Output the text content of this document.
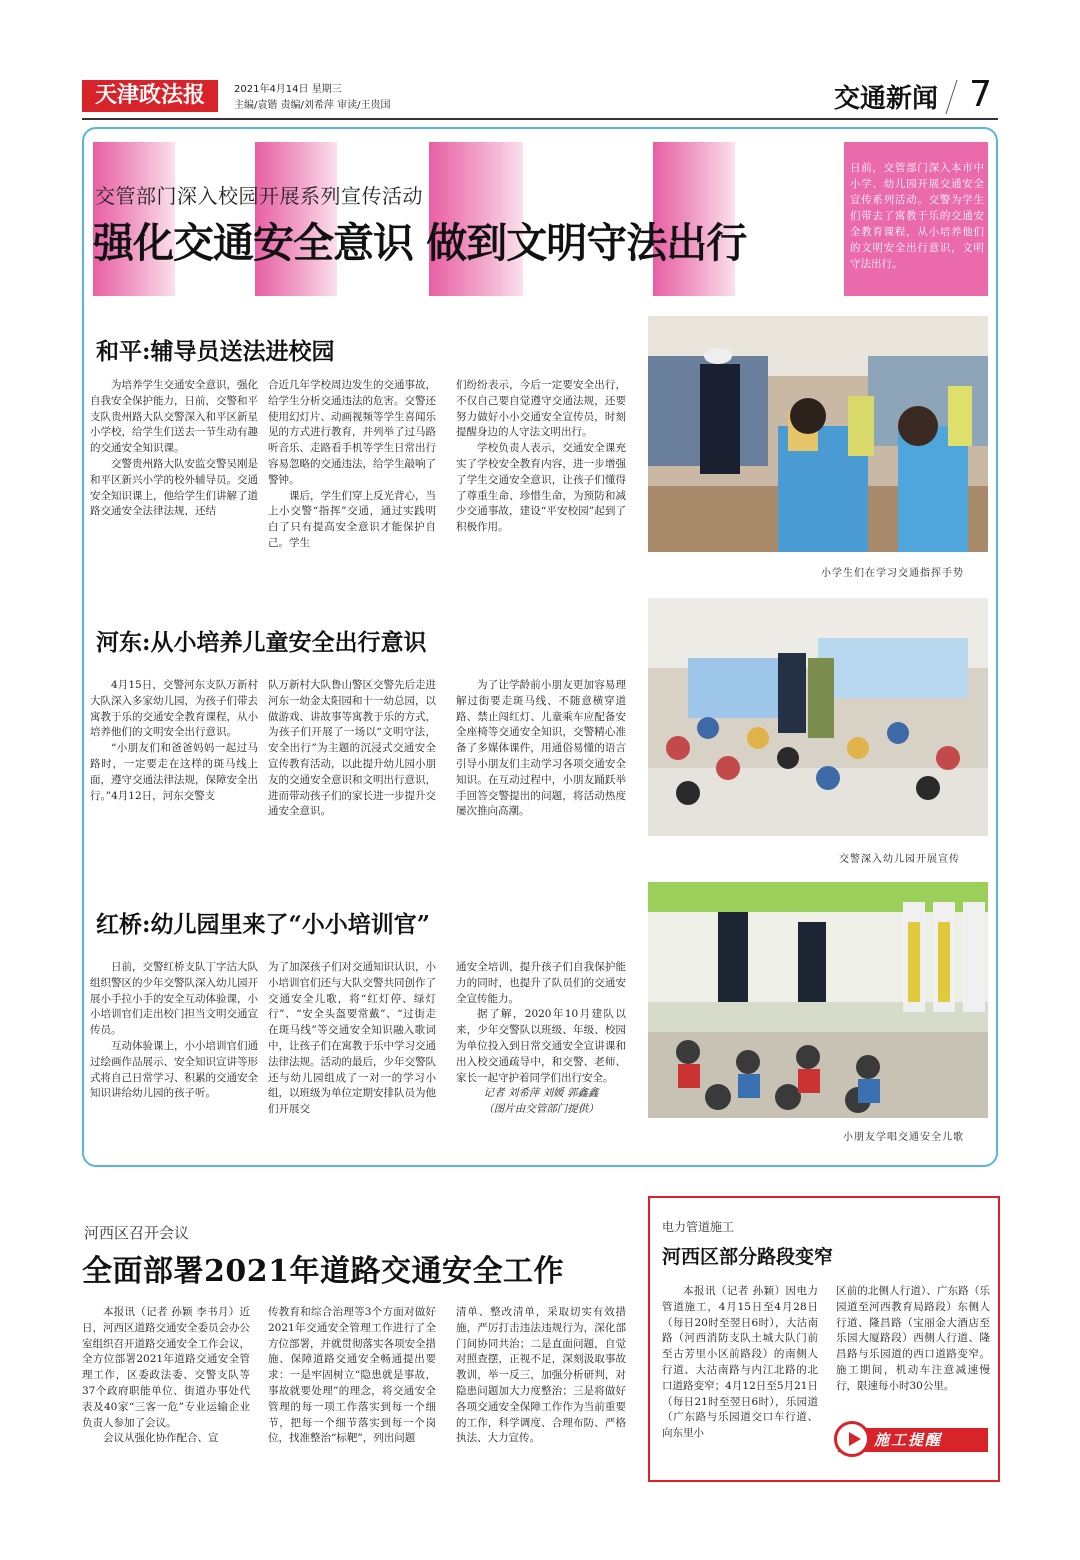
天津政法报	2021年4月14日 星期三
主编/袁锴 责编/刘希萍 审读/王贵国	交通新闻 7
交管部门深入校园开展系列宣传活动
强化交通安全意识 做到文明守法出行
日前，交管部门深入本市中小学、幼儿园开展交通安全宣传系列活动。交警为学生们带去了寓教于乐的交通安全教育课程，从小培养他们的文明安全出行意识，文明守法出行。
和平:辅导员送法进校园

为培养学生交通安全意识，强化自我安全保护能力，日前，交警和平支队贵州路大队交警深入和平区新星小学校，给学生们送去一节生动有趣的交通安全知识课。

交警贵州路大队安监交警吴刚是和平区新兴小学的校外辅导员。交通安全知识课上，他给学生们讲解了道路交通安全法律法规，还结

合近几年学校周边发生的交通事故，给学生分析交通违法的危害。交警还使用幻灯片、动画视频等学生喜闻乐见的方式进行教育，并列举了过马路听音乐、走路看手机等学生日常出行容易忽略的交通违法，给学生敲响了警钟。

课后，学生们穿上反光背心，当上小交警“指挥”交通，通过实践明白了只有提高安全意识才能保护自己。学生

们纷纷表示，今后一定要安全出行，不仅自己要自觉遵守交通法规，还要努力做好小小交通安全宣传员，时刻提醒身边的人守法文明出行。

学校负责人表示，交通安全课充实了学校安全教育内容，进一步增强了学生交通安全意识，让孩子们懂得了尊重生命、珍惜生命，为预防和减少交通事故，建设“平安校园”起到了积极作用。

小学生们在学习交通指挥手势
河东:从小培养儿童安全出行意识

4月15日，交警河东支队万新村大队深入多家幼儿园，为孩子们带去寓教于乐的交通安全教育课程，从小培养他们的文明安全出行意识。

“小朋友们和爸爸妈妈一起过马路时，一定要走在这样的斑马线上面，遵守交通法律法规，保障安全出行。”4月12日，河东交警支

队万新村大队鲁山警区交警先后走进河东一幼金太阳园和十一幼总园，以做游戏、讲故事等寓教于乐的方式，为孩子们开展了一场以“文明守法，安全出行”为主题的沉浸式交通安全宣传教育活动，以此提升幼儿园小朋友的交通安全意识和文明出行意识，进而带动孩子们的家长进一步提升交通安全意识。

为了让学龄前小朋友更加容易理解过街要走斑马线、不随意横穿道路、禁止闯红灯、儿童乘车应配备安全座椅等交通安全知识，交警精心准备了多媒体课件，用通俗易懂的语言引导小朋友们主动学习各项交通安全知识。在互动过程中，小朋友踊跃举手回答交警提出的问题，将活动热度屡次推向高潮。

交警深入幼儿园开展宣传
红桥:幼儿园里来了“小小培训官”

日前，交警红桥支队丁字沽大队组织警区的少年交警队深入幼儿园开展小手拉小手的安全互动体验课，小小培训官们走出校门担当文明交通宣传员。

互动体验课上，小小培训官们通过绘画作品展示、安全知识宣讲等形式将自己日常学习、积累的交通安全知识讲给幼儿园的孩子听。

为了加深孩子们对交通知识认识，小小培训官们还与大队交警共同创作了交通安全儿歌，将“红灯停、绿灯行”、“安全头盔要常戴”、“过街走在斑马线”等交通安全知识融入歌词中，让孩子们在寓教于乐中学习交通法律法规。活动的最后，少年交警队还与幼儿园组成了一对一的学习小组，以班级为单位定期安排队员为他们开展交

通安全培训，提升孩子们自我保护能力的同时，也提升了队员们的交通安全宣传能力。

据了解，2020年10月建队以来，少年交警队以班级、年级、校园为单位投入到日常交通安全宣讲课和出入校交通疏导中，和交警、老师、家长一起守护着同学们出行安全。

记者 刘希萍 刘媛 郭鑫鑫

（图片由交管部门提供）

小朋友学唱交通安全儿歌
河西区召开会议
全面部署2021年道路交通安全工作

本报讯（记者 孙颖 李书月）近日，河西区道路交通安全委员会办公室组织召开道路交通安全工作会议，全方位部署2021年道路交通安全管理工作，区委政法委、交警支队等37个政府职能单位、街道办事处代表及40家“三客一危”专业运输企业负责人参加了会议。

会议从强化协作配合、宣

传教育和综合治理等3个方面对做好2021年交通安全管理工作进行了全方位部署，并就贯彻落实各项安全措施、保障道路交通安全畅通提出要求：一是牢固树立“隐患就是事故，事故就要处理”的理念，将交通安全管理的每一项工作落实到每一个细节，把每一个细节落实到每一个岗位，找准整治“标靶”，列出问题

清单、整改清单，采取切实有效措施，严厉打击违法违规行为，深化部门间协同共治；二是直面问题，自觉对照查摆，正视不足，深刻汲取事故教训，举一反三，加强分析研判，对隐患问题加大力度整治；三是将做好各项交通安全保障工作作为当前重要的工作，科学调度、合理布防、严格执法、大力宣传。

电力管道施工
河西区部分路段变窄

本报讯（记者 孙颖）因电力管道施工，4月15日至4月28日（每日20时至翌日6时），大沽南路（河西消防支队土城大队门前至古芳里小区前路段）的南侧人行道、大沽南路与内江北路的北口道路变窄；4月12日至5月21日（每日21时至翌日6时），乐园道（广东路与乐园道交口车行道、向东里小

区前的北侧人行道）、广东路（乐园道至河西教育局路段）东侧人行道、隆昌路（宝丽金大酒店至乐园大厦路段）西侧人行道、隆昌路与乐园道的西口道路变窄。施工期间，机动车注意减速慢行，限速每小时30公里。

施工提醒
